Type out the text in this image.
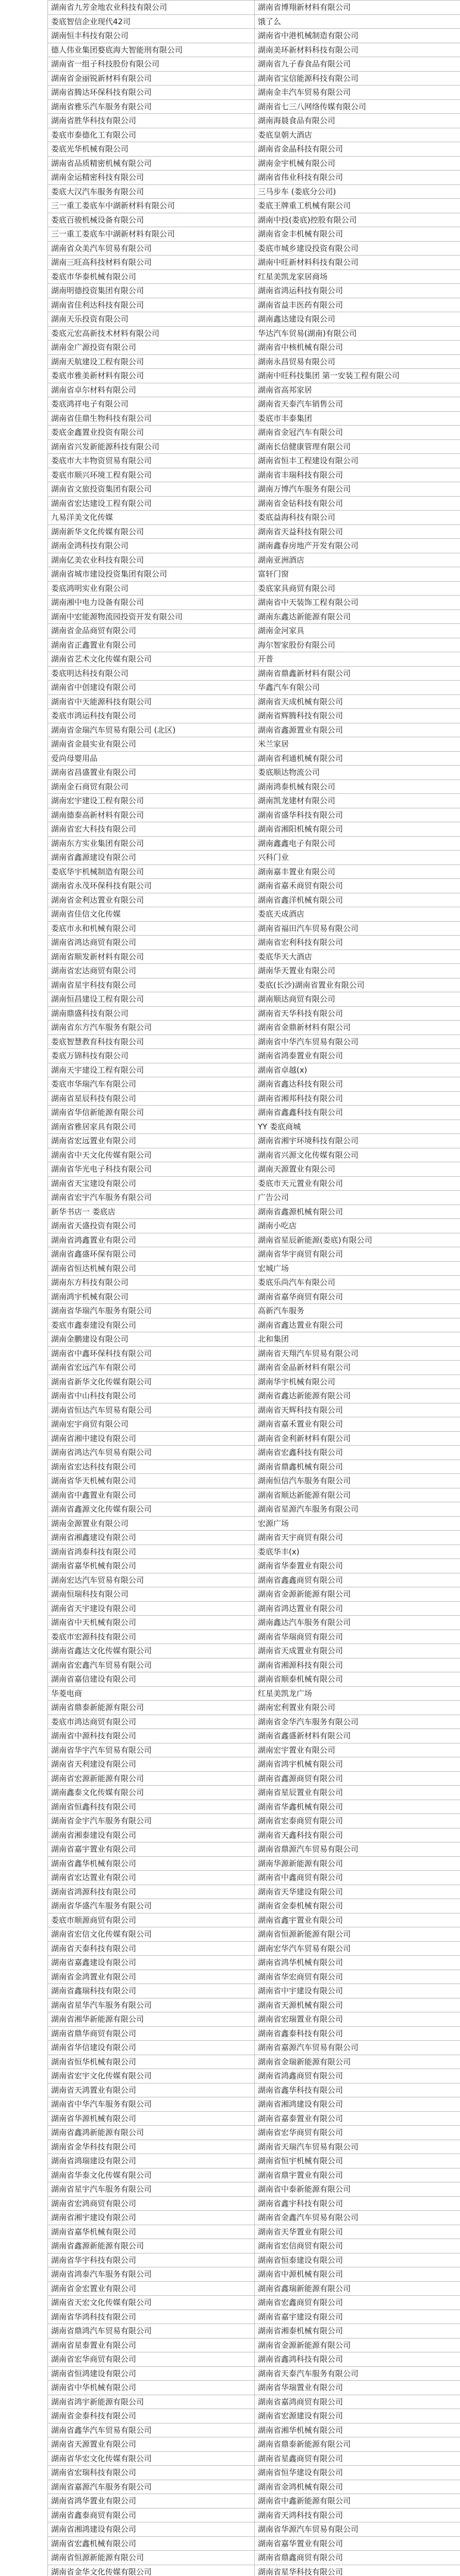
湖南省九芳金地农业科技有限公司	湖南省博翔新材料有限公司
娄底智信企业现代42司	饿了么
湖南恒丰科技有限公司	湖南省中港机械制造有限公司
德人伟业集团婺底海大智能刑有限公司	湖南美环新材料科技有限公司
湖南省一组子科技股份有限公司	湖南省九子春食品有限公司
湖南省金丽锐新材料有限公司	湖南省宝信能源科技有限公司
湖南省腾达环保科技有限公司	湖南金丰汽车贸易有限公司
湖南省雅乐汽车服务有限公司	湖南省七三八网络传媒有限公司
湖南省胜华科技有限公司	湖南海晨食品有限公司
娄底市泰德化工有限公司	娄底皇朝大酒店
娄底光华机械有限公司	湖南省金晶科技有限公司
湖南省品质精密机械有限公司	湖南金宇机械有限公司
湖南金运精密科技有限公司	湖南省伟业科技有限公司
娄底大汉汽车服务有限公司	三马步车 (娄底分公司)
三一重工娄底车中湖新材料有限公司	娄底王牌重工机械有限公司
娄底百骏机械设备有限公司	湖南中投(娄底)控股有限公司
三一重工娄底车中湖新材料有限公司	湖南省金丰机械有限公司
湖南省众美汽车贸易有限公司	娄底市城乡建设投资有限公司
湖南三旺高科技材料有限公司	湖南中旺新材料科技有限公司
娄底市华泰机械有限公司	红星美凯龙家居商场
湖南明德投资集团有限公司	湖南省鸿运科技有限公司
湖南省佳利达科技有限公司	湖南省益丰医药有限公司
湖南天乐投资有限公司	湖南鑫达建设有限公司
娄底元宏高新技术材料有限公司	华达汽车贸易(湖南)有限公司
湖南金广源投资有限公司	湖南省中核机械有限公司
湖南天航建设工程有限公司	湖南永昌贸易有限公司
娄底市雅美新材料有限公司	湖南中旺科技集团 第一安装工程有限公司
湖南省卓尔材料有限公司	湖南省高邦家居
娄底鸿祥电子有限公司	湖南省天泰汽车销售公司
湖南省佳鼎生物科技有限公司	娄底市丰泰集团
娄底金鑫置业投资有限公司	湖南省金冠汽车有限公司
湖南省兴发新能源科技有限公司	湖南长信健康管理有限公司
娄底市大丰物资贸易有限公司	湖南省恒丰工程建设有限公司
娄底市顺兴环境工程有限公司	湖南省丰瑞科技有限公司
湖南省文旅投资集团有限公司	湖南万博汽车服务有限公司
湖南省宏达建设工程有限公司	湖南省金钻科技有限公司
九易洋美文化传媒	娄底益海科技有限公司
湖南新华文化传媒有限公司	湖南省天益科技有限公司
湖南金鸿科技有限公司	湖南鑫春房地产开发有限公司
湖南亿美农业科技有限公司	湖南亚洲酒店
湖南省城市建设投资集团有限公司	富轩门窗
娄底鸿明实业有限公司	娄底家具商贸有限公司
湖南湘中电力设备有限公司	湖南省中天装饰工程有限公司
湖南中宏能源物流园投资开发有限公司	湖南东鑫达新能源有限公司
湖南省金品商贸有限公司	湖南金河家具
湖南省正鑫置业有限公司	海尔智家股份有限公司
湖南省艺术文化传媒有限公司	开普
娄底明达科技有限公司	湖南省鼎鑫新材料有限公司
湖南省中创建设有限公司	华鑫汽车有限公司
湖南省中天能源科技有限公司	湖南省天成机械有限公司
娄底市鸿运科技有限公司	湖南省辉腾科技有限公司
湖南省金瑞汽车贸易有限公司 (北区)	湖南省鑫源置业有限公司
湖南省金晨实业有限公司	米兰家居
爱尚母婴用品	湖南省利通机械有限公司
湖南省昌盛置业有限公司	娄底顺达物流公司
湖南金石商贸有限公司	湖南鸿泰机械有限公司
湖南宏宇建设工程有限公司	湖南凯龙建材有限公司
湖南德泰高新材料有限公司	湖南省盛华科技有限公司
湖南省宏大科技有限公司	湖南省湘阳机械有限公司
湖南东方实业集团有限公司	湖南鑫鑫电子有限公司
湖南省鑫源建设有限公司	兴科门业
娄底华宇机械制造有限公司	湖南嘉丰置业有限公司
湖南省永茂环保科技有限公司	湖南省嘉禾商贸有限公司
湖南省金利达置业有限公司	湖南省鑫洋机械有限公司
湖南省佳信文化传媒	娄底天成酒店
娄底市永和机械有限公司	湖南省福田汽车贸易有限公司
湖南省鸿达商贸有限公司	湖南省宏利科技有限公司
湖南省顺发新材料有限公司	娄底华天大酒店
湖南省宏达商贸有限公司	湖南华天置业有限公司
湖南省星宇科技有限公司	娄底(长沙)湖南省置业有限公司
湖南恒昌建设工程有限公司	湖南顺达商贸有限公司
湖南鼎盛科技有限公司	湖南省天华科技有限公司
湖南省东方汽车服务有限公司	湖南省金鼎新材料有限公司
娄底智慧教育科技有限公司	湖南省中华汽车贸易有限公司
娄底万锦科技有限公司	湖南省鸿泰置业有限公司
湖南天宇建设工程有限公司	湖南省卓越(x)
娄底市华瑞汽车有限公司	湖南省鑫达科技有限公司
湖南省星辰科技有限公司	湖南省湘邦科技有限公司
湖南省华信新能源有限公司	湖南省鑫鑫科技有限公司
湖南省雅居家具有限公司	YY 娄底商城
湖南省宏远置业有限公司	湖南省湘宇环境科技有限公司
湖南省中天文化传媒有限公司	湖南省兴源文化传媒有限公司
湖南省华光电子科技有限公司	湖南天源置业有限公司
湖南省天宝建设有限公司	娄底市天元置业有限公司
湖南省宏宇汽车服务有限公司	广告公司
新华书店一 娄底店	湖南省鑫源机械有限公司
湖南省天盛投资有限公司	湖南小吃店
湖南省鸿鑫置业有限公司	湖南省星辰新能源(娄底)有限公司
湖南省鑫盛环保有限公司	湖南省华宇商贸有限公司
湖南省恒达机械有限公司	宏城广场
湖南东方科技有限公司	娄底乐尚汽车有限公司
湖南鸿宇机械有限公司	湖南省嘉华商贸有限公司
湖南省华瑞汽车服务有限公司	高新汽车服务
娄底市鑫泰建设有限公司	湖南省鑫达置业有限公司
湖南金鹏建设有限公司	北和集团
湖南省中鑫环保科技有限公司	湖南省天翔汽车贸易有限公司
湖南省宏远汽车有限公司	湖南省金晶新材料有限公司
湖南省新华文化传媒有限公司	湖南华宇机械有限公司
湖南省中山科技有限公司	湖南省鑫达新能源有限公司
湖南省恒达汽车贸易有限公司	湖南省天辉科技有限公司
湖南宏宇商贸有限公司	湖南省嘉禾置业有限公司
湖南省湘中建设有限公司	湖南省金利新材料有限公司
湖南省鸿达汽车贸易有限公司	湖南省宏鑫科技有限公司
湖南省宏达科技有限公司	湖南省鼎鑫机械有限公司
湖南省华天机械有限公司	湖南恒信汽车服务有限公司
湖南省中鑫置业有限公司	湖南省顺达新能源有限公司
湖南省鑫源文化传媒有限公司	湖南省星源汽车服务有限公司
湖南金源置业有限公司	宏源广场
湖南省湘鑫建设有限公司	湖南省天宇商贸有限公司
湖南省鸿泰科技有限公司	娄底华丰(x)
湖南省嘉华机械有限公司	湖南省华泰置业有限公司
湖南宏达汽车贸易有限公司	湖南省鑫鑫商贸有限公司
湖南恒瑞科技有限公司	湖南省金源新能源有限公司
湖南省天宇建设有限公司	湖南省鸿达置业有限公司
湖南省中天机械有限公司	湖南鑫达汽车服务有限公司
娄底市宏源科技有限公司	湖南省华瑞商贸有限公司
湖南省鑫达文化传媒有限公司	湖南省天成置业有限公司
湖南省宏鑫汽车贸易有限公司	湖南省湘源科技有限公司
湖南省嘉信建设有限公司	湖南省顺泰机械有限公司
华菱电商	红星美凯龙广场
湖南省鼎泰新能源有限公司	湖南宏利置业有限公司
娄底市鸿达商贸有限公司	湖南省金华汽车服务有限公司
湖南省中源科技有限公司	湖南省鑫盛新材料有限公司
湖南省华宇汽车贸易有限公司	湖南宏宇置业有限公司
湖南省天利建设有限公司	湖南省鸿宇机械有限公司
湖南省宏源新能源有限公司	湖南省鑫源商贸有限公司
湖南鑫泰文化传媒有限公司	湖南省星辰置业有限公司
湖南省恒鑫科技有限公司	湖南省华鑫机械有限公司
湖南省金宇汽车服务有限公司	湖南省宏泰商贸有限公司
湖南省湘泰建设有限公司	湖南省天鑫科技有限公司
湖南省嘉宇置业有限公司	湖南省鼎源汽车贸易有限公司
湖南省鑫华机械有限公司	湖南华源新能源有限公司
湖南省宏达置业有限公司	湖南省中鑫商贸有限公司
湖南省鸿源科技有限公司	湖南省天华建设有限公司
湖南省华盛汽车服务有限公司	湖南省金泰机械有限公司
娄底市顺源商贸有限公司	湖南省鑫宇置业有限公司
湖南省宏信文化传媒有限公司	湖南省恒源新能源有限公司
湖南省天泰科技有限公司	湖南宏华汽车贸易有限公司
湖南省嘉鑫建设有限公司	湖南省鸿华机械有限公司
湖南省金鸿置业有限公司	湖南省华宏商贸有限公司
湖南省鑫瑞科技有限公司	湖南省中宇建设有限公司
湖南省星华汽车服务有限公司	湖南省天源机械有限公司
湖南省湘华新能源有限公司	湖南省宏瑞置业有限公司
湖南省鼎华商贸有限公司	湖南省鑫泰科技有限公司
湖南省华信建设有限公司	湖南省嘉源汽车贸易有限公司
湖南省恒华机械有限公司	湖南省金瑞新能源有限公司
湖南省宏宇文化传媒有限公司	湖南省鸿鑫商贸有限公司
湖南省天鸿置业有限公司	湖南省鑫华科技有限公司
湖南省中华汽车服务有限公司	湖南省湘鸿建设有限公司
湖南省华源机械有限公司	湖南省嘉泰置业有限公司
湖南省鑫鸿新能源有限公司	湖南省宏华商贸有限公司
湖南省金华科技有限公司	湖南省天瑞汽车贸易有限公司
湖南省鸿瑞建设有限公司	湖南省恒宇机械有限公司
湖南省华泰文化传媒有限公司	湖南省鼎宇置业有限公司
湖南省星宇汽车服务有限公司	湖南省中泰新能源有限公司
湖南省宏鸿商贸有限公司	湖南省鑫宇科技有限公司
湖南省湘宇建设有限公司	湖南省金鑫汽车贸易有限公司
湖南省嘉华机械有限公司	湖南省天华置业有限公司
湖南省鑫源新能源有限公司	湖南省宏信商贸有限公司
湖南省华宇科技有限公司	湖南省恒泰建设有限公司
湖南省鸿泰汽车服务有限公司	湖南省中源机械有限公司
湖南省金宏置业有限公司	湖南省鑫瑞新能源有限公司
湖南省天宏文化传媒有限公司	湖南省宏鑫商贸有限公司
湖南省华鸿科技有限公司	湖南省嘉宇建设有限公司
湖南省鼎鸿汽车贸易有限公司	湖南省湘泰机械有限公司
湖南省星泰置业有限公司	湖南省金源新能源有限公司
湖南省宏华商贸有限公司	湖南省鑫鸿科技有限公司
湖南省恒鸿建设有限公司	湖南省天泰汽车服务有限公司
湖南省中华机械有限公司	湖南省华瑞置业有限公司
湖南省鸿宇新能源有限公司	湖南省嘉鸿商贸有限公司
湖南省金泰科技有限公司	湖南省宏源建设有限公司
湖南省鑫华汽车贸易有限公司	湖南省湘华机械有限公司
湖南省天源置业有限公司	湖南省鼎泰新能源有限公司
湖南省华宏文化传媒有限公司	湖南省星鑫商贸有限公司
湖南省宏瑞科技有限公司	湖南省恒华建设有限公司
湖南省嘉源汽车服务有限公司	湖南省金鸿机械有限公司
湖南省鸿华置业有限公司	湖南省中鑫新能源有限公司
湖南省鑫泰商贸有限公司	湖南省天鸿科技有限公司
湖南省湘鸿建设有限公司	湖南省华源汽车贸易有限公司
湖南省宏鑫机械有限公司	湖南省嘉华置业有限公司
湖南省恒源新能源有限公司	湖南省鼎鑫商贸有限公司
湖南省金华文化传媒有限公司	湖南省星华科技有限公司
